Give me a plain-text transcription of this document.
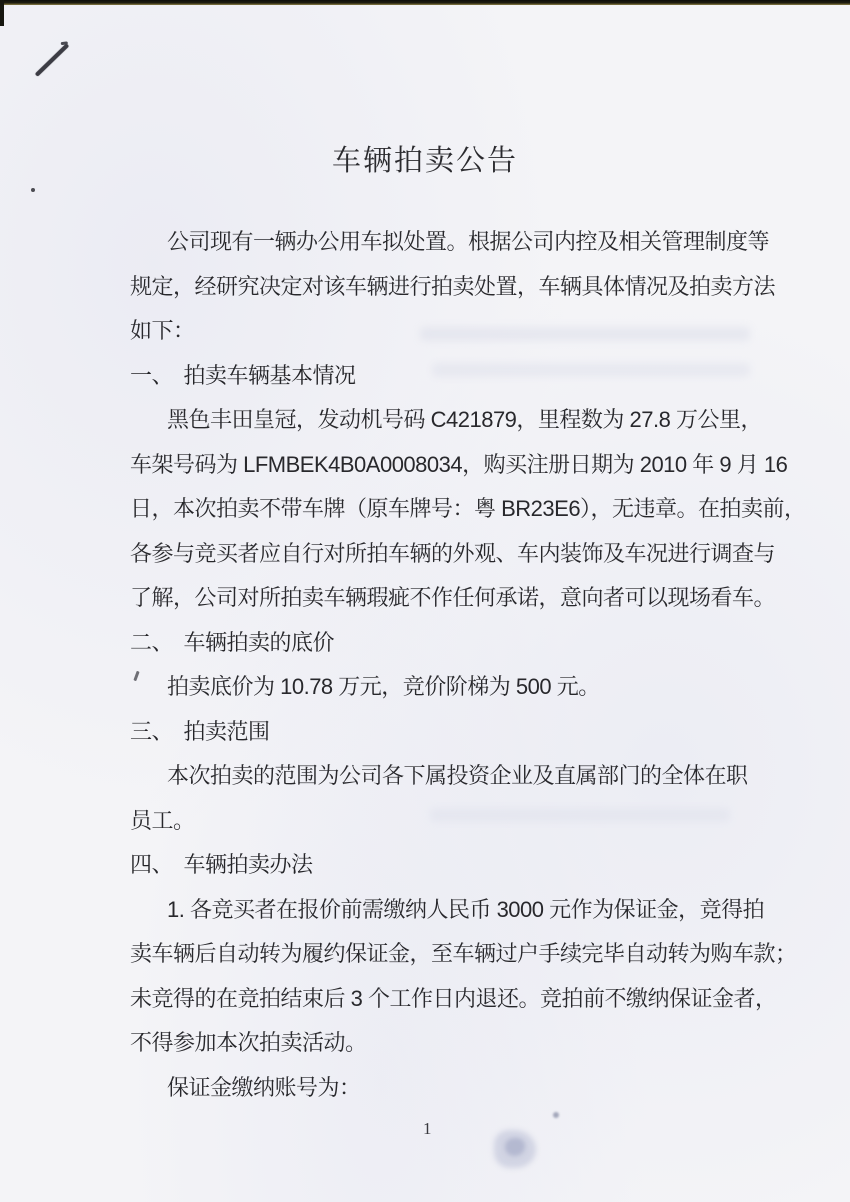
车辆拍卖公告
公司现有一辆办公用车拟处置。根据公司内控及相关管理制度等
规定，经研究决定对该车辆进行拍卖处置，车辆具体情况及拍卖方法
如下：
一、　拍卖车辆基本情况
黑色丰田皇冠，发动机号码 C421879，里程数为 27.8 万公里，
车架号码为 LFMBEK4B0A0008034，购买注册日期为 2010 年 9 月 16
日，本次拍卖不带车牌（原车牌号：粤 BR23E6），无违章。在拍卖前，
各参与竞买者应自行对所拍车辆的外观、车内装饰及车况进行调查与
了解，公司对所拍卖车辆瑕疵不作任何承诺，意向者可以现场看车。
二、　车辆拍卖的底价
拍卖底价为 10.78 万元，竞价阶梯为 500 元。
三、　拍卖范围
本次拍卖的范围为公司各下属投资企业及直属部门的全体在职
员工。
四、　车辆拍卖办法
1. 各竞买者在报价前需缴纳人民币 3000 元作为保证金，竞得拍
卖车辆后自动转为履约保证金，至车辆过户手续完毕自动转为购车款；
未竞得的在竞拍结束后 3 个工作日内退还。竞拍前不缴纳保证金者，
不得参加本次拍卖活动。
保证金缴纳账号为：
1
